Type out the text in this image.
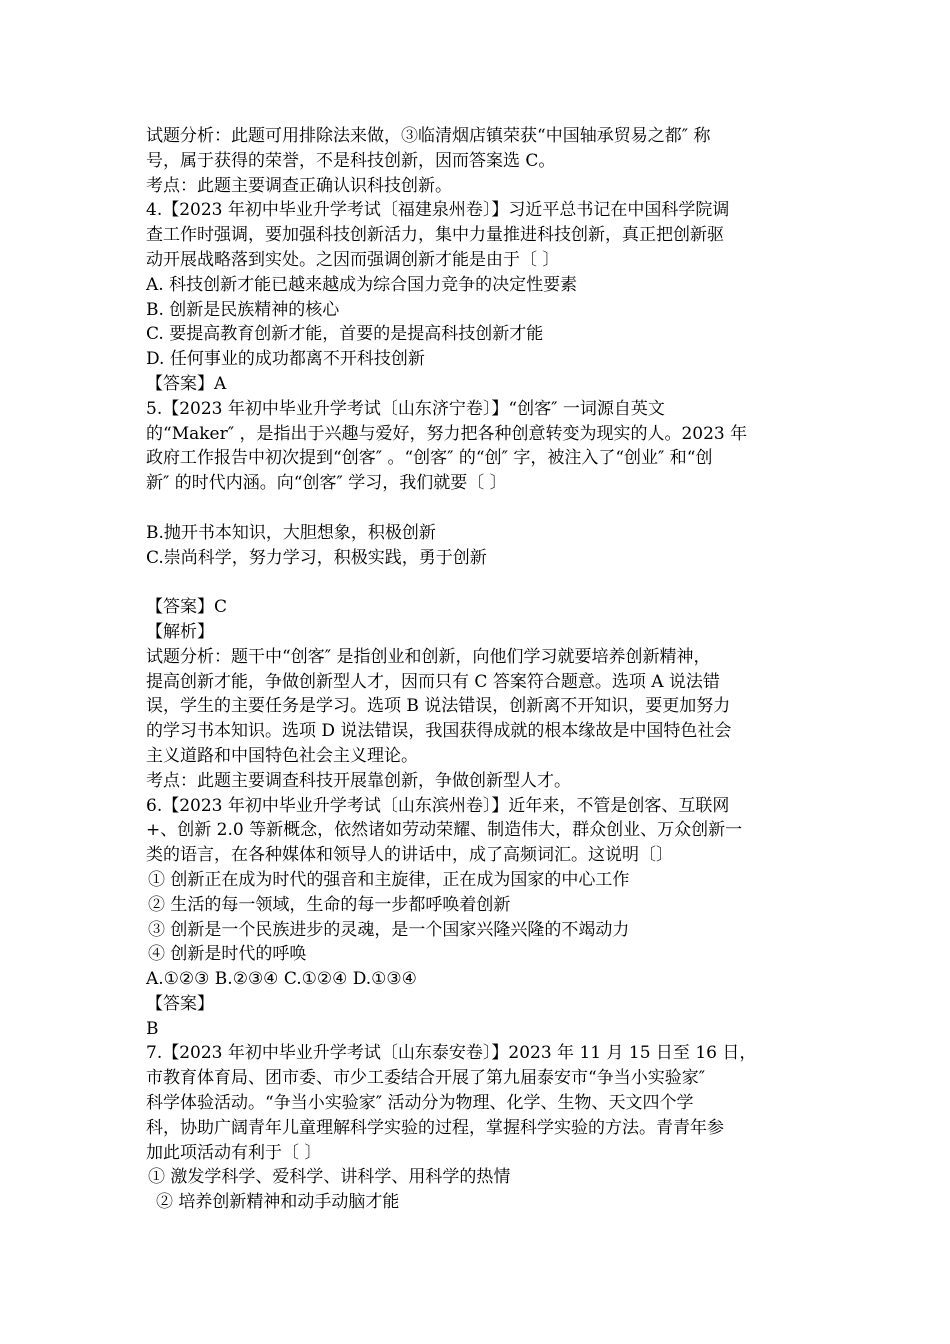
试题分析：此题可用排除法来做，③临清烟店镇荣获“中国轴承贸易之都″ 称
号，属于获得的荣誉，不是科技创新，因而答案选 C。
考点：此题主要调查正确认识科技创新。
4.【2023 年初中毕业升学考试〔福建泉州卷〕】习近平总书记在中国科学院调
查工作时强调，要加强科技创新活力，集中力量推进科技创新，真正把创新驱
动开展战略落到实处。之因而强调创新才能是由于〔 〕
A. 科技创新才能已越来越成为综合国力竞争的决定性要素
B. 创新是民族精神的核心
C. 要提高教育创新才能，首要的是提高科技创新才能
D. 任何事业的成功都离不开科技创新
【答案】A
5.【2023 年初中毕业升学考试〔山东济宁卷〕】“创客″ 一词源自英文
的“Maker″ ，是指出于兴趣与爱好，努力把各种创意转变为现实的人。2023 年
政府工作报告中初次提到“创客″ 。“创客″ 的“创″ 字，被注入了“创业″ 和“创
新″ 的时代内涵。向“创客″ 学习，我们就要〔 〕
B.抛开书本知识，大胆想象，积极创新
C.崇尚科学，努力学习，积极实践，勇于创新
【答案】C
【解析】
试题分析：题干中“创客″ 是指创业和创新，向他们学习就要培养创新精神，
提高创新才能，争做创新型人才，因而只有 C 答案符合题意。选项 A 说法错
误，学生的主要任务是学习。选项 B 说法错误，创新离不开知识，要更加努力
的学习书本知识。选项 D 说法错误，我国获得成就的根本缘故是中国特色社会
主义道路和中国特色社会主义理论。
考点：此题主要调查科技开展靠创新，争做创新型人才。
6.【2023 年初中毕业升学考试〔山东滨州卷〕】近年来，不管是创客、互联网
+、创新 2.0 等新概念，依然诸如劳动荣耀、制造伟大，群众创业、万众创新一
类的语言，在各种媒体和领导人的讲话中，成了高频词汇。这说明〔〕
① 创新正在成为时代的强音和主旋律，正在成为国家的中心工作
② 生活的每一领域，生命的每一步都呼唤着创新
③ 创新是一个民族进步的灵魂，是一个国家兴隆兴隆的不竭动力
④ 创新是时代的呼唤
A.①②③ B.②③④ C.①②④ D.①③④
【答案】
B
7.【2023 年初中毕业升学考试〔山东泰安卷〕】2023 年 11 月 15 日至 16 日，
市教育体育局、团市委、市少工委结合开展了第九届泰安市“争当小实验家″
科学体验活动。“争当小实验家″ 活动分为物理、化学、生物、天文四个学
科，协助广阔青年儿童理解科学实验的过程，掌握科学实验的方法。青青年参
加此项活动有利于〔 〕
① 激发学科学、爱科学、讲科学、用科学的热情
② 培养创新精神和动手动脑才能
